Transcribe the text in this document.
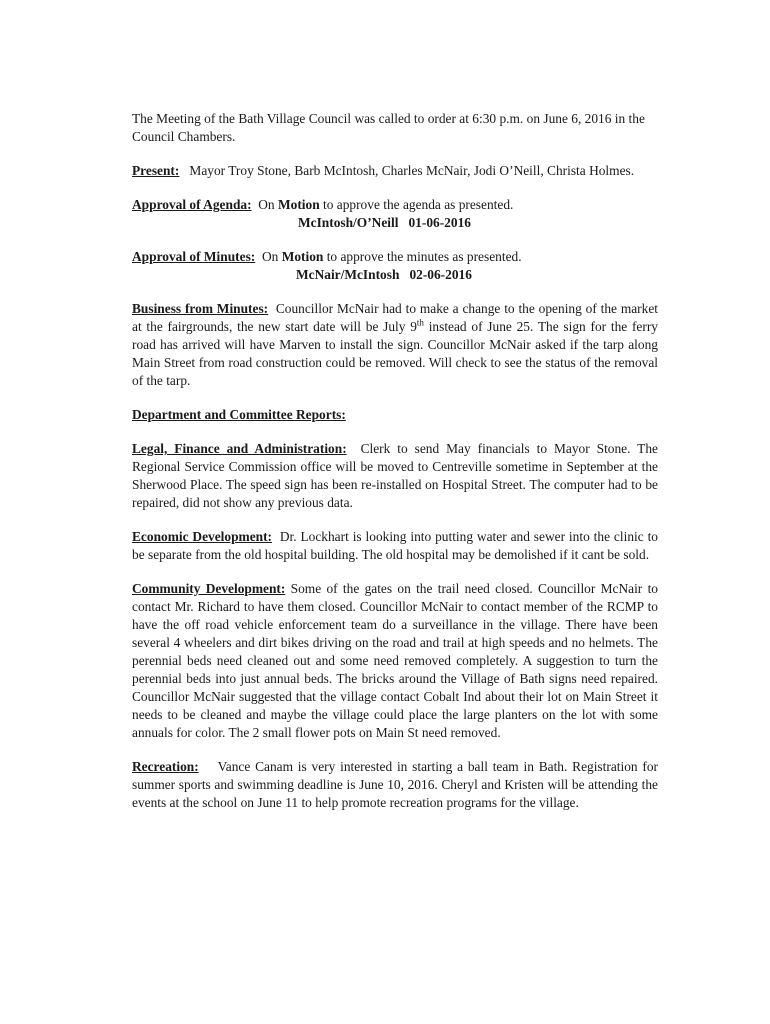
The Meeting of the Bath Village Council was called to order at 6:30 p.m. on June 6, 2016 in the Council Chambers.

Present: Mayor Troy Stone, Barb McIntosh, Charles McNair, Jodi O’Neill, Christa Holmes.

Approval of Agenda: On Motion to approve the agenda as presented.
McIntosh/O’Neill 01-06-2016

Approval of Minutes: On Motion to approve the minutes as presented.
McNair/McIntosh 02-06-2016

Business from Minutes: Councillor McNair had to make a change to the opening of the market at the fairgrounds, the new start date will be July 9th instead of June 25. The sign for the ferry road has arrived will have Marven to install the sign. Councillor McNair asked if the tarp along Main Street from road construction could be removed. Will check to see the status of the removal of the tarp.

Department and Committee Reports:

Legal, Finance and Administration: Clerk to send May financials to Mayor Stone. The Regional Service Commission office will be moved to Centreville sometime in September at the Sherwood Place. The speed sign has been re-installed on Hospital Street. The computer had to be repaired, did not show any previous data.

Economic Development: Dr. Lockhart is looking into putting water and sewer into the clinic to be separate from the old hospital building. The old hospital may be demolished if it cant be sold.

Community Development: Some of the gates on the trail need closed. Councillor McNair to contact Mr. Richard to have them closed. Councillor McNair to contact member of the RCMP to have the off road vehicle enforcement team do a surveillance in the village. There have been several 4 wheelers and dirt bikes driving on the road and trail at high speeds and no helmets. The perennial beds need cleaned out and some need removed completely. A suggestion to turn the perennial beds into just annual beds. The bricks around the Village of Bath signs need repaired. Councillor McNair suggested that the village contact Cobalt Ind about their lot on Main Street it needs to be cleaned and maybe the village could place the large planters on the lot with some annuals for color. The 2 small flower pots on Main St need removed.

Recreation: Vance Canam is very interested in starting a ball team in Bath. Registration for summer sports and swimming deadline is June 10, 2016. Cheryl and Kristen will be attending the events at the school on June 11 to help promote recreation programs for the village.
